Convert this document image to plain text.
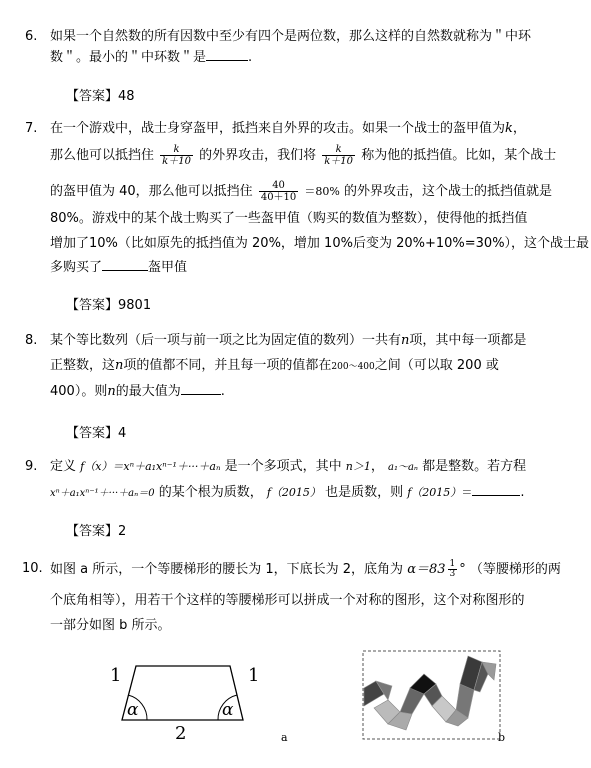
6. 如果一个自然数的所有因数中至少有四个是两位数，那么这样的自然数就称为＂中环
数＂。最小的＂中环数＂是	.
【答案】48
7. 在一个游戏中，战士身穿盔甲，抵挡来自外界的攻击。如果一个战士的盔甲值为k，
那么他可以抵挡住 $\frac{k}{k+10}$ 的外界攻击，我们将 $\frac{k}{k+10}$ 称为他的抵挡值。比如，某个战士
的盔甲值为 40，那么他可以抵挡住 $\frac{40}{40+10} =80\%$ 的外界攻击，这个战士的抵挡值就是
80%。游戏中的某个战士购买了一些盔甲值（购买的数值为整数），使得他的抵挡值
增加了10%（比如原先的抵挡值为 20%，增加 10%后变为 20%+10%=30%），这个战士最
多购买了	盔甲值
【答案】9801
8. 某个等比数列（后一项与前一项之比为固定值的数列）一共有n项，其中每一项都是
正整数，这n项的值都不同，并且每一项的值都在200～400之间（可以取 200 或
400）。则n的最大值为	.
【答案】4
9. 定义 f（x）＝xⁿ＋a₁xⁿ⁻¹＋···＋aₙ 是一个多项式，其中 n＞1， a₁～aₙ 都是整数。若方程
xⁿ＋a₁xⁿ⁻¹＋···＋aₙ＝0 的某个根为质数， f（2015） 也是质数，则 f（2015）＝	.
【答案】2
10. 如图 a 所示，一个等腰梯形的腰长为 1，下底长为 2，底角为 $\alpha=83 \frac{1}{3}$ ° （等腰梯形的两
个底角相等），用若干个这样的等腰梯形可以拼成一个对称的图形，这个对称图形的
一部分如图 b 所示。
1	1
2
α	α
a	b
